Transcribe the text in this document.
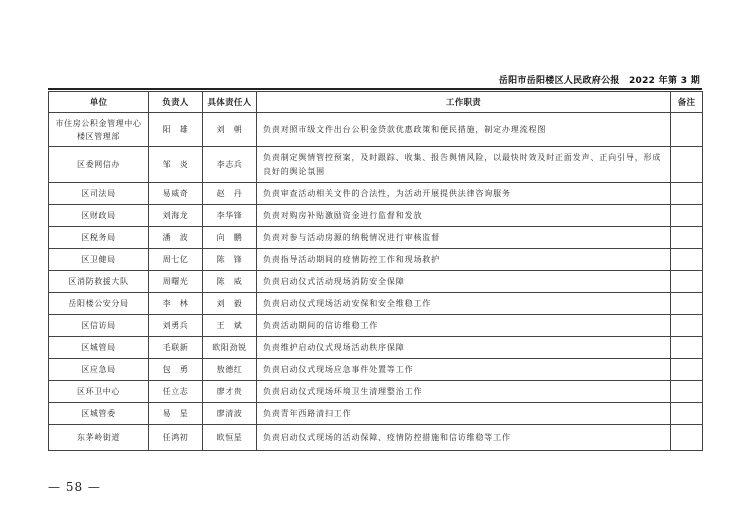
岳阳市岳阳楼区人民政府公报　2022 年第 3 期
单位	负责人	具体责任人	工作职责	备注
市住房公积金管理中心楼区管理部	阳　雄	刘　朝	负责对照市级文件出台公积金贷款优惠政策和便民措施，制定办理流程图	
区委网信办	邹　炎	李志兵	负责制定舆情管控预案，及时跟踪、收集、报告舆情风险，以最快时效及时正面发声、正向引导，形成良好的舆论氛围	
区司法局	易威奇	赵　丹	负责审查活动相关文件的合法性，为活动开展提供法律咨询服务	
区财政局	刘海龙	李华锋	负责对购房补贴激励资金进行监督和发放	
区税务局	潘　波	向　鹏	负责对参与活动房源的纳税情况进行审核监督	
区卫健局	周七亿	陈　锋	负责指导活动期间的疫情防控工作和现场救护	
区消防救援大队	周曙光	陈　威	负责启动仪式活动现场消防安全保障	
岳阳楼公安分局	李　林	刘　毅	负责启动仪式现场活动安保和安全维稳工作	
区信访局	刘勇兵	王　斌	负责活动期间的信访维稳工作	
区城管局	毛联新	欧阳劲锐	负责维护启动仪式现场活动秩序保障	
区应急局	包　勇	敖德红	负责启动仪式现场应急事件处置等工作	
区环卫中心	任立志	廖才贵	负责启动仪式现场环境卫生清理整治工作	
区城管委	易　星	廖清波	负责青年西路清扫工作	
东茅岭街道	任鸿初	欧恒星	负责启动仪式现场的活动保障、疫情防控措施和信访维稳等工作	
— 58 —
